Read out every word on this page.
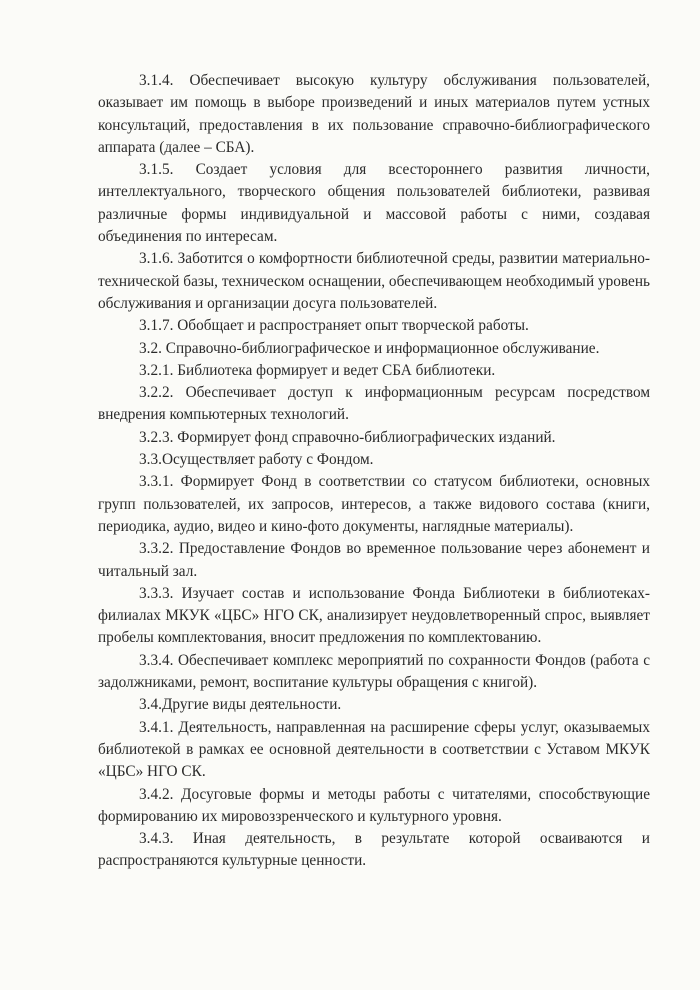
3.1.4. Обеспечивает высокую культуру обслуживания пользователей, оказывает им помощь в выборе произведений и иных материалов путем устных консультаций, предоставления в их пользование справочно-библиографического аппарата (далее – СБА).

3.1.5. Создает условия для всестороннего развития личности, интеллектуального, творческого общения пользователей библиотеки, развивая различные формы индивидуальной и массовой работы с ними, создавая объединения по интересам.

3.1.6. Заботится о комфортности библиотечной среды, развитии материально-технической базы, техническом оснащении, обеспечивающем необходимый уровень обслуживания и организации досуга пользователей.

3.1.7. Обобщает и распространяет опыт творческой работы.

3.2. Справочно-библиографическое и информационное обслуживание.

3.2.1. Библиотека формирует и ведет СБА библиотеки.

3.2.2. Обеспечивает доступ к информационным ресурсам посредством внедрения компьютерных технологий.

3.2.3. Формирует фонд справочно-библиографических изданий.

3.3.Осуществляет работу с Фондом.

3.3.1. Формирует Фонд в соответствии со статусом библиотеки, основных групп пользователей, их запросов, интересов, а также видового состава (книги, периодика, аудио, видео и кино-фото документы, наглядные материалы).

3.3.2. Предоставление Фондов во временное пользование через абонемент и читальный зал.

3.3.3. Изучает состав и использование Фонда Библиотеки в библиотеках-филиалах МКУК «ЦБС» НГО СК, анализирует неудовлетворенный спрос, выявляет пробелы комплектования, вносит предложения по комплектованию.

3.3.4. Обеспечивает комплекс мероприятий по сохранности Фондов (работа с задолжниками, ремонт, воспитание культуры обращения с книгой).

3.4.Другие виды деятельности.

3.4.1. Деятельность, направленная на расширение сферы услуг, оказываемых библиотекой в рамках ее основной деятельности в соответствии с Уставом МКУК «ЦБС» НГО СК.

3.4.2. Досуговые формы и методы работы с читателями, способствующие формированию их мировоззренческого и культурного уровня.

3.4.3. Иная деятельность, в результате которой осваиваются и распространяются культурные ценности.
